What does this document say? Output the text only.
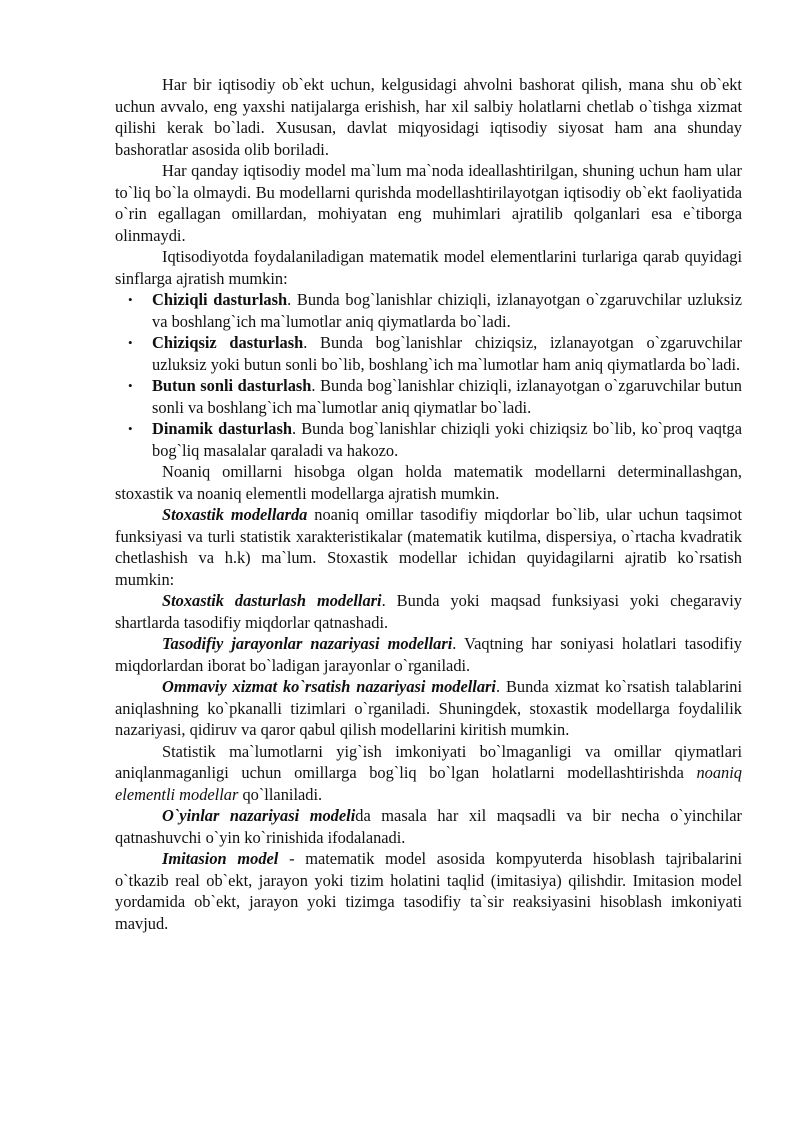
Har bir iqtisodiy ob`ekt uchun, kelgusidagi ahvolni bashorat qilish, mana shu ob`ekt uchun avvalo, eng yaxshi natijalarga erishish, har xil salbiy holatlarni chetlab o`tishga xizmat qilishi kerak bo`ladi. Xususan, davlat miqyosidagi iqtisodiy siyosat ham ana shunday bashoratlar asosida olib boriladi.

Har qanday iqtisodiy model ma`lum ma`noda ideallashtirilgan, shuning uchun ham ular to`liq bo`la olmaydi. Bu modellarni qurishda modellashtirilayotgan iqtisodiy ob`ekt faoliyatida o`rin egallagan omillardan, mohiyatan eng muhimlari ajratilib qolganlari esa e`tiborga olinmaydi.

Iqtisodiyotda foydalaniladigan matematik model elementlarini turlariga qarab quyidagi sinflarga ajratish mumkin:

• Chiziqli dasturlash. Bunda bog`lanishlar chiziqli, izlanayotgan o`zgaruvchilar uzluksiz va boshlang`ich ma`lumotlar aniq qiymatlarda bo`ladi.
• Chiziqsiz dasturlash. Bunda bog`lanishlar chiziqsiz, izlanayotgan o`zgaruvchilar uzluksiz yoki butun sonli bo`lib, boshlang`ich ma`lumotlar ham aniq qiymatlarda bo`ladi.
• Butun sonli dasturlash. Bunda bog`lanishlar chiziqli, izlanayotgan o`zgaruvchilar butun sonli va boshlang`ich ma`lumotlar aniq qiymatlar bo`ladi.
• Dinamik dasturlash. Bunda bog`lanishlar chiziqli yoki chiziqsiz bo`lib, ko`proq vaqtga bog`liq masalalar qaraladi va hakozo.

Noaniq omillarni hisobga olgan holda matematik modellarni determinallashgan, stoxastik va noaniq elementli modellarga ajratish mumkin.

Stoxastik modellarda noaniq omillar tasodifiy miqdorlar bo`lib, ular uchun taqsimot funksiyasi va turli statistik xarakteristikalar (matematik kutilma, dispersiya, o`rtacha kvadratik chetlashish va h.k) ma`lum. Stoxastik modellar ichidan quyidagilarni ajratib ko`rsatish mumkin:

Stoxastik dasturlash modellari. Bunda yoki maqsad funksiyasi yoki chegaraviy shartlarda tasodifiy miqdorlar qatnashadi.

Tasodifiy jarayonlar nazariyasi modellari. Vaqtning har soniyasi holatlari tasodifiy miqdorlardan iborat bo`ladigan jarayonlar o`rganiladi.

Ommaviy xizmat ko`rsatish nazariyasi modellari. Bunda xizmat ko`rsatish talablarini aniqlashning ko`pkanalli tizimlari o`rganiladi. Shuningdek, stoxastik modellarga foydalilik nazariyasi, qidiruv va qaror qabul qilish modellarini kiritish mumkin.

Statistik ma`lumotlarni yig`ish imkoniyati bo`lmaganligi va omillar qiymatlari aniqlanmaganligi uchun omillarga bog`liq bo`lgan holatlarni modellashtirishda noaniq elementli modellar qo`llaniladi.

O`yinlar nazariyasi modelida masala har xil maqsadli va bir necha o`yinchilar qatnashuvchi o`yin ko`rinishida ifodalanadi.

Imitasion model - matematik model asosida kompyuterda hisoblash tajribalarini o`tkazib real ob`ekt, jarayon yoki tizim holatini taqlid (imitasiya) qilishdir. Imitasion model yordamida ob`ekt, jarayon yoki tizimga tasodifiy ta`sir reaksiyasini hisoblash imkoniyati mavjud.
